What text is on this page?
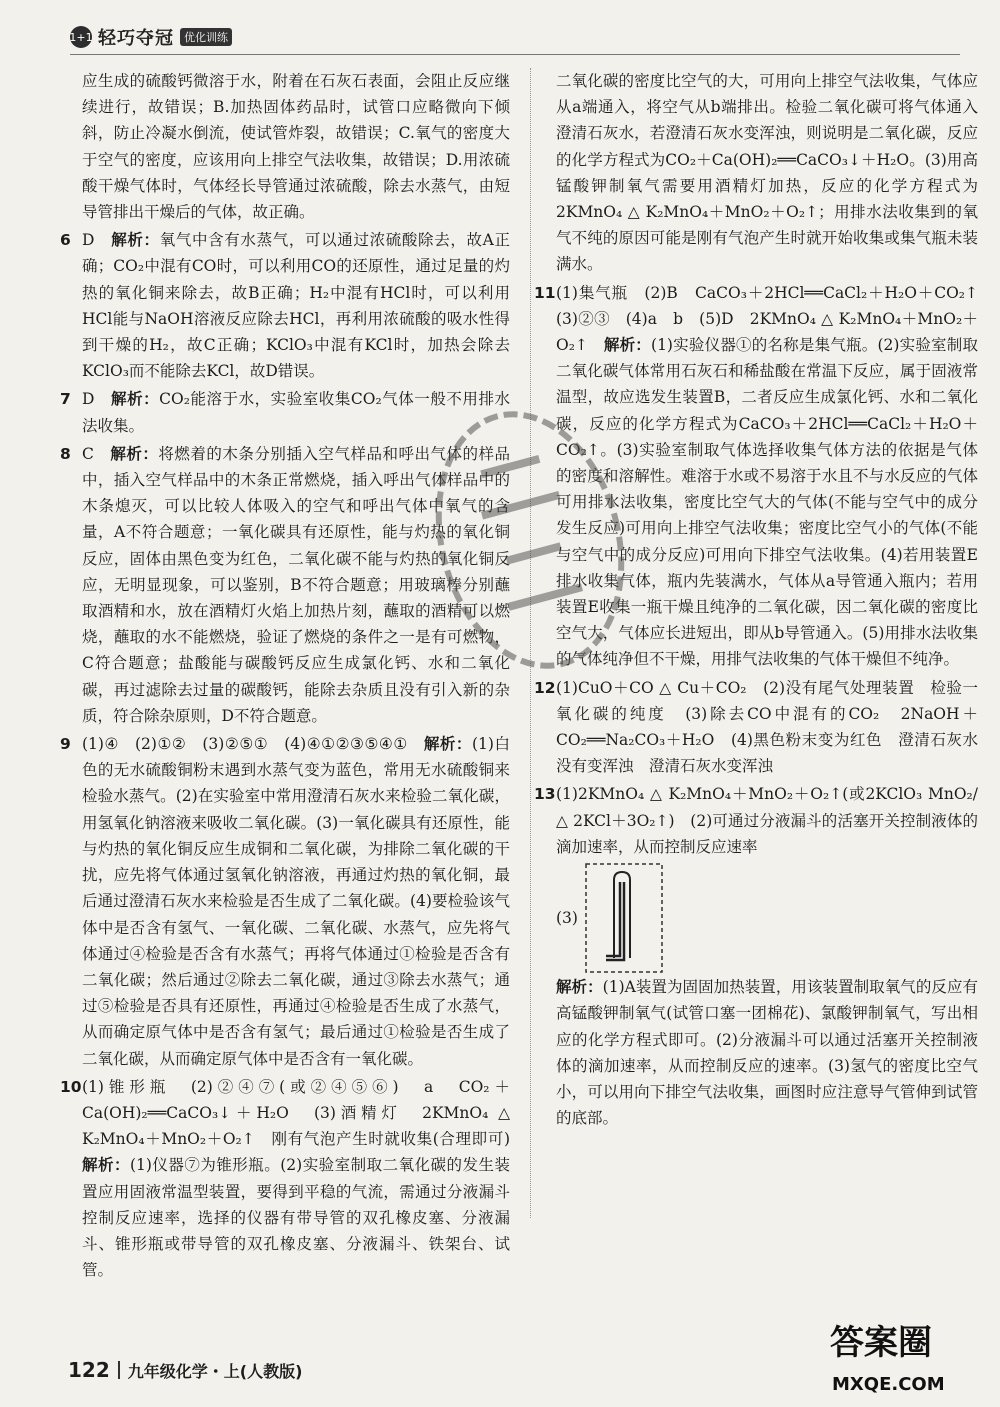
1+1 轻巧夺冠 优化训练

应生成的硫酸钙微溶于水，附着在石灰石表面，会阻止反应继续进行，故错误；B.加热固体药品时，试管口应略微向下倾斜，防止冷凝水倒流，使试管炸裂，故错误；C.氧气的密度大于空气的密度，应该用向上排空气法收集，故错误；D.用浓硫酸干燥气体时，气体经长导管通过浓硫酸，除去水蒸气，由短导管排出干燥后的气体，故正确。

6 D　 解析：氧气中含有水蒸气，可以通过浓硫酸除去，故A正确；CO₂中混有CO时，可以利用CO的还原性，通过足量的灼热的氧化铜来除去，故B正确；H₂中混有HCl时，可以利用HCl能与NaOH溶液反应除去HCl，再利用浓硫酸的吸水性得到干燥的H₂，故C正确；KClO₃中混有KCl时，加热会除去KClO₃而不能除去KCl，故D错误。

7 D　 解析：CO₂能溶于水，实验室收集CO₂气体一般不用排水法收集。

8 C　 解析：将燃着的木条分别插入空气样品和呼出气体的样品中，插入空气样品中的木条正常燃烧，插入呼出气体样品中的木条熄灭，可以比较人体吸入的空气和呼出气体中氧气的含量，A不符合题意；一氧化碳具有还原性，能与灼热的氧化铜反应，固体由黑色变为红色，二氧化碳不能与灼热的氧化铜反应，无明显现象，可以鉴别，B不符合题意；用玻璃棒分别蘸取酒精和水，放在酒精灯火焰上加热片刻，蘸取的酒精可以燃烧，蘸取的水不能燃烧，验证了燃烧的条件之一是有可燃物，C符合题意；盐酸能与碳酸钙反应生成氯化钙、水和二氧化碳，再过滤除去过量的碳酸钙，能除去杂质且没有引入新的杂质，符合除杂原则，D不符合题意。

9 (1)④　(2)①②　(3)②⑤①　(4)④①②③⑤④①　 解析：(1)白色的无水硫酸铜粉末遇到水蒸气变为蓝色，常用无水硫酸铜来检验水蒸气。(2)在实验室中常用澄清石灰水来检验二氧化碳，用氢氧化钠溶液来吸收二氧化碳。(3)一氧化碳具有还原性，能与灼热的氧化铜反应生成铜和二氧化碳，为排除二氧化碳的干扰，应先将气体通过氢氧化钠溶液，再通过灼热的氧化铜，最后通过澄清石灰水来检验是否生成了二氧化碳。(4)要检验该气体中是否含有氢气、一氧化碳、二氧化碳、水蒸气，应先将气体通过④检验是否含有水蒸气；再将气体通过①检验是否含有二氧化碳；然后通过②除去二氧化碳，通过③除去水蒸气；通过⑤检验是否具有还原性，再通过④检验是否生成了水蒸气，从而确定原气体中是否含有氢气；最后通过①检验是否生成了二氧化碳，从而确定原气体中是否含有一氧化碳。

10(1)锥形瓶　(2)②④⑦(或②④⑤⑥)　a　CO₂＋Ca(OH)₂══CaCO₃↓＋H₂O　(3)酒精灯　2KMnO₄ △ K₂MnO₄＋MnO₂＋O₂↑　刚有气泡产生时就收集(合理即可)　解析：(1)仪器⑦为锥形瓶。(2)实验室制取二氧化碳的发生装置应用固液常温型装置，要得到平稳的气流，需通过分液漏斗控制反应速率，选择的仪器有带导管的双孔橡皮塞、分液漏斗、锥形瓶或带导管的双孔橡皮塞、分液漏斗、铁架台、试管。

二氧化碳的密度比空气的大，可用向上排空气法收集，气体应从a端通入，将空气从b端排出。检验二氧化碳可将气体通入澄清石灰水，若澄清石灰水变浑浊，则说明是二氧化碳，反应的化学方程式为CO₂＋Ca(OH)₂══CaCO₃↓＋H₂O。(3)用高锰酸钾制氧气需要用酒精灯加热，反应的化学方程式为2KMnO₄ △ K₂MnO₄＋MnO₂＋O₂↑；用排水法收集到的氧气不纯的原因可能是刚有气泡产生时就开始收集或集气瓶未装满水。

11(1)集气瓶　(2)B　CaCO₃＋2HCl══CaCl₂＋H₂O＋CO₂↑　(3)②③　(4)a　b　(5)D　2KMnO₄ △ K₂MnO₄＋MnO₂＋O₂↑　 解析：(1)实验仪器①的名称是集气瓶。(2)实验室制取二氧化碳气体常用石灰石和稀盐酸在常温下反应，属于固液常温型，故应选发生装置B，二者反应生成氯化钙、水和二氧化碳，反应的化学方程式为CaCO₃＋2HCl══CaCl₂＋H₂O＋CO₂↑。(3)实验室制取气体选择收集气体方法的依据是气体的密度和溶解性。难溶于水或不易溶于水且不与水反应的气体可用排水法收集，密度比空气大的气体(不能与空气中的成分发生反应)可用向上排空气法收集；密度比空气小的气体(不能与空气中的成分反应)可用向下排空气法收集。(4)若用装置E排水收集气体，瓶内先装满水，气体从a导管通入瓶内；若用装置E收集一瓶干燥且纯净的二氧化碳，因二氧化碳的密度比空气大，气体应长进短出，即从b导管通入。(5)用排水法收集的气体纯净但不干燥，用排气法收集的气体干燥但不纯净。

12(1)CuO＋CO △ Cu＋CO₂　(2)没有尾气处理装置　检验一氧化碳的纯度　(3)除去CO中混有的CO₂　2NaOH＋CO₂══Na₂CO₃＋H₂O　(4)黑色粉末变为红色　澄清石灰水没有变浑浊　澄清石灰水变浑浊　

13(1)2KMnO₄ △ K₂MnO₄＋MnO₂＋O₂↑(或2KClO₃ MnO₂/△ 2KCl＋3O₂↑)　(2)可通过分液漏斗的活塞开关控制液体的滴加速率，从而控制反应速率　

(3)

解析：(1)A装置为固固加热装置，用该装置制取氧气的反应有高锰酸钾制氧气(试管口塞一团棉花)、氯酸钾制氧气，写出相应的化学方程式即可。(2)分液漏斗可以通过活塞开关控制液体的滴加速率，从而控制反应的速率。(3)氢气的密度比空气小，可以用向下排空气法收集，画图时应注意导气管伸到试管的底部。

答案圈
MXQE.COM
122 九年级化学・上(人教版)
